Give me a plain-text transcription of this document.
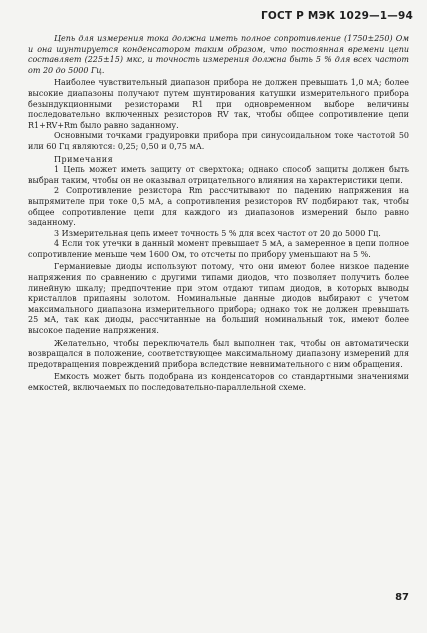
ГОСТ Р МЭК 1029—1—94

Цепь для измерения тока должна иметь полное сопротивление (1750±250) Ом и она шунтируется конденсатором таким образом, что постоянная времени цепи составляет (225±15) мкс, и точность измерения должна быть 5 % для всех частот от 20 до 5000 Гц.

Наиболее чувствительный диапазон прибора не должен превышать 1,0 мА; более высокие диапазоны получают путем шунтирования катушки измерительного прибора безындукционными резисторами R1 при одновременном выборе величины последовательно включенных резисторов RV так, чтобы общее сопротивление цепи R1+RV+Rm было равно заданному.

Основными точками градуировки прибора при синусоидальном токе частотой 50 или 60 Гц являются: 0,25; 0,50 и 0,75 мА.

Примечания

1 Цепь может иметь защиту от сверхтока; однако способ защиты должен быть выбран таким, чтобы он не оказывал отрицательного влияния на характеристики цепи.

2 Сопротивление резистора Rm рассчитывают по падению напряжения на выпрямителе при токе 0,5 мА, а сопротивления резисторов RV подбирают так, чтобы общее сопротивление цепи для каждого из диапазонов измерений было равно заданному.

3 Измерительная цепь имеет точность 5 % для всех частот от 20 до 5000 Гц.

4 Если ток утечки в данный момент превышает 5 мА, а замеренное в цепи полное сопротивление меньше чем 1600 Ом, то отсчеты по прибору уменьшают на 5 %.

Германиевые диоды используют потому, что они имеют более низкое падение напряжения по сравнению с другими типами диодов, что позволяет получить более линейную шкалу; предпочтение при этом отдают типам диодов, в которых выводы кристаллов припаяны золотом. Номинальные данные диодов выбирают с учетом максимального диапазона измерительного прибора; однако ток не должен превышать 25 мА, так как диоды, рассчитанные на больший номинальный ток, имеют более высокое падение напряжения.

Желательно, чтобы переключатель был выполнен так, чтобы он автоматически возвращался в положение, соответствующее максимальному диапазону измерений для предотвращения повреждений прибора вследствие невнимательного с ним обращения.

Емкость может быть подобрана из конденсаторов со стандартными значениями емкостей, включаемых по последовательно-параллельной схеме.

87
